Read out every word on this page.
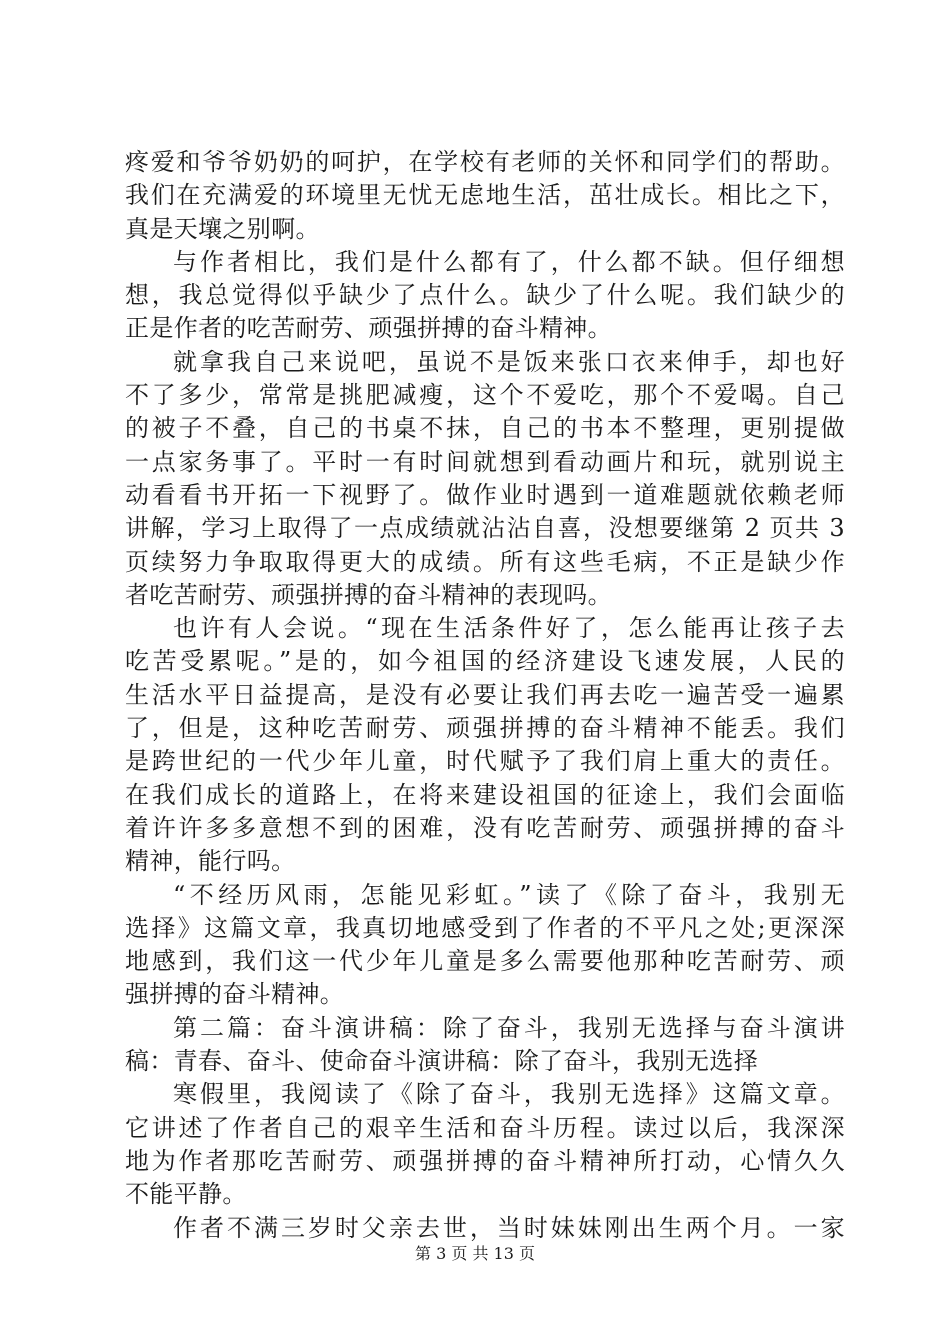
疼爱和爷爷奶奶的呵护，在学校有老师的关怀和同学们的帮助。
我们在充满爱的环境里无忧无虑地生活，茁壮成长。相比之下，
真是天壤之别啊。
与作者相比，我们是什么都有了，什么都不缺。但仔细想
想，我总觉得似乎缺少了点什么。缺少了什么呢。我们缺少的
正是作者的吃苦耐劳、顽强拼搏的奋斗精神。
就拿我自己来说吧，虽说不是饭来张口衣来伸手，却也好
不了多少，常常是挑肥减瘦，这个不爱吃，那个不爱喝。自己
的被子不叠，自己的书桌不抹，自己的书本不整理，更别提做
一点家务事了。平时一有时间就想到看动画片和玩，就别说主
动看看书开拓一下视野了。做作业时遇到一道难题就依赖老师
讲解，学习上取得了一点成绩就沾沾自喜，没想要继第 2 页共 3
页续努力争取取得更大的成绩。所有这些毛病，不正是缺少作
者吃苦耐劳、顽强拼搏的奋斗精神的表现吗。
也许有人会说。“现在生活条件好了，怎么能再让孩子去
吃苦受累呢。”是的，如今祖国的经济建设飞速发展，人民的
生活水平日益提高，是没有必要让我们再去吃一遍苦受一遍累
了，但是，这种吃苦耐劳、顽强拼搏的奋斗精神不能丢。我们
是跨世纪的一代少年儿童，时代赋予了我们肩上重大的责任。
在我们成长的道路上，在将来建设祖国的征途上，我们会面临
着许许多多意想不到的困难，没有吃苦耐劳、顽强拼搏的奋斗
精神，能行吗。
“不经历风雨，怎能见彩虹。”读了《除了奋斗，我别无
选择》这篇文章，我真切地感受到了作者的不平凡之处;更深深
地感到，我们这一代少年儿童是多么需要他那种吃苦耐劳、顽
强拼搏的奋斗精神。
第二篇：奋斗演讲稿：除了奋斗，我别无选择与奋斗演讲
稿：青春、奋斗、使命奋斗演讲稿：除了奋斗，我别无选择
寒假里，我阅读了《除了奋斗，我别无选择》这篇文章。
它讲述了作者自己的艰辛生活和奋斗历程。读过以后，我深深
地为作者那吃苦耐劳、顽强拼搏的奋斗精神所打动，心情久久
不能平静。
作者不满三岁时父亲去世，当时妹妹刚出生两个月。一家
第 3 页 共 13 页
